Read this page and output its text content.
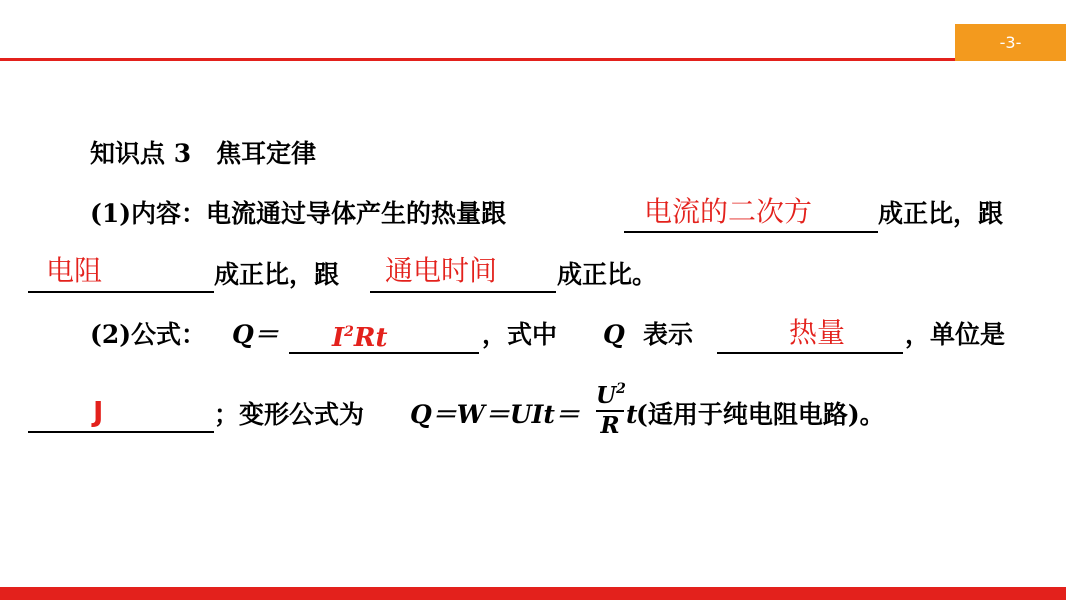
-3-
知识点 3　焦耳定律
(1)内容：电流通过导体产生的热量跟	电流的二次方	成正比，跟
电阻	成正比，跟 通电时间 成正比。
(2)公式： $Q= I^2Rt$	，式中 Q 表示	热量 ，单位是
J	；变形公式为 Q＝W＝UIt＝
$U^2$
R t
(适用于纯电阻电路)。
